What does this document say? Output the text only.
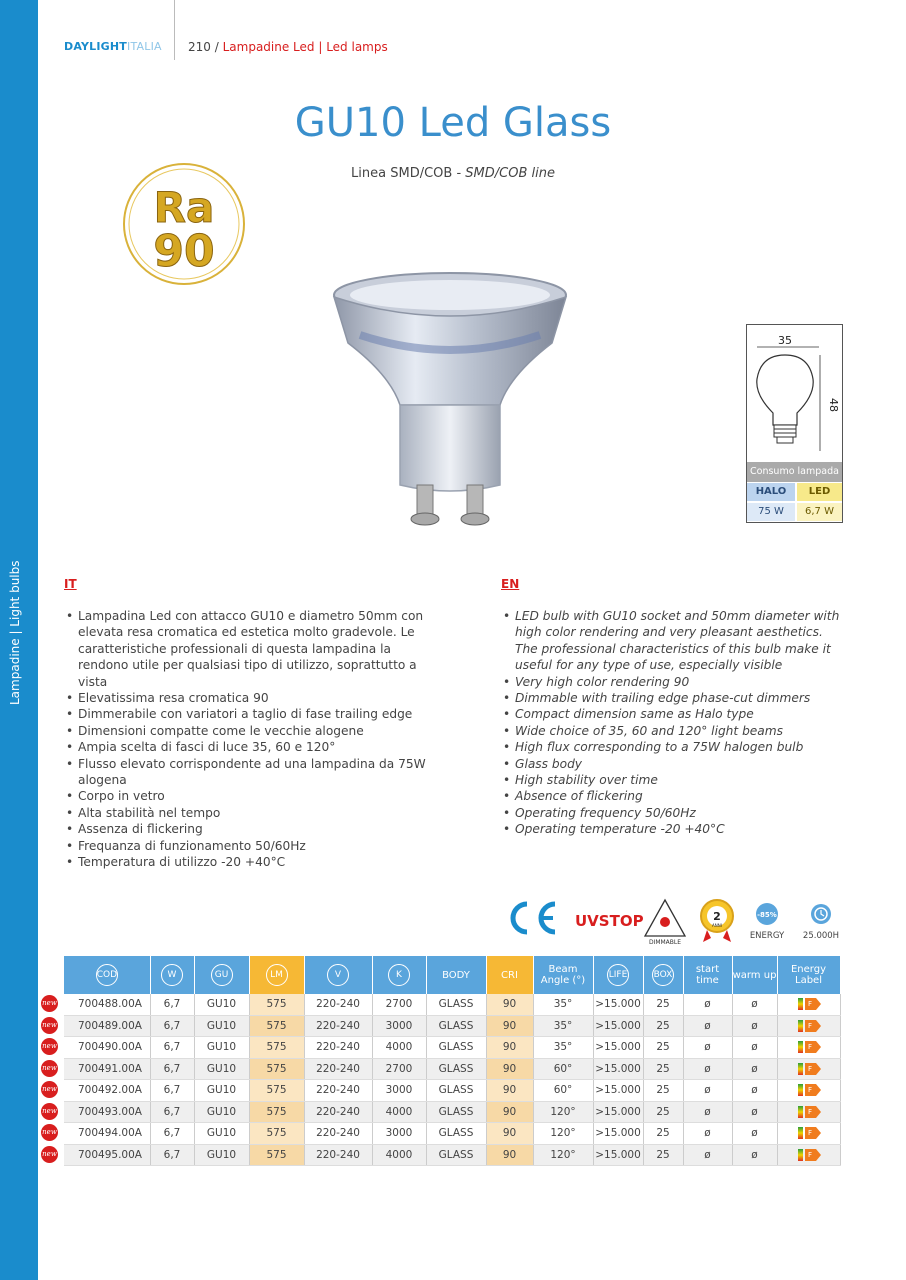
Lampadine | Light bulbs
DAYLIGHTITALIA 210 / Lampadine Led | Led lamps
GU10 Led Glass
Linea SMD/COB - SMD/COB line
Ra
90
35
48
Consumo lampada
HALO	LED
75 W	6,7 W
IT
• Lampadina Led con attacco GU10 e diametro 50mm con elevata resa cromatica ed estetica molto gradevole. Le caratteristiche professionali di questa lampadina la rendono utile per qualsiasi tipo di utilizzo, soprattutto a vista
• Elevatissima resa cromatica 90
• Dimmerabile con variatori a taglio di fase trailing edge
• Dimensioni compatte come le vecchie alogene
• Ampia scelta di fasci di luce 35, 60 e 120°
• Flusso elevato corrispondente ad una lampadina da 75W alogena
• Corpo in vetro
• Alta stabilità nel tempo
• Assenza di flickering
• Frequanza di funzionamento 50/60Hz
• Temperatura di utilizzo -20 +40°C
EN
• LED bulb with GU10 socket and 50mm diameter with high color rendering and very pleasant aesthetics. The professional characteristics of this bulb make it useful for any type of use, especially visible
• Very high color rendering 90
• Dimmable with trailing edge phase-cut dimmers
• Compact dimension same as Halo type
• Wide choice of 35, 60 and 120° light beams
• High flux corresponding to a 75W halogen bulb
• Glass body
• High stability over time
• Absence of flickering
• Operating frequency 50/60Hz
• Operating temperature -20 +40°C
UVSTOP
DIMMABLE
2
ANNI
-85%
ENERGY 25.000H
new
new
new
new
new
new
new
new
COD	W	GU	LM	V	K	BODY	CRI	Beam Angle (°)	LIFE	BOX	start time	warm up	Energy Label
700488.00A	6,7	GU10	575	220-240	2700	GLASS	90	35°	>15.000	25	ø	ø	F

700489.00A	6,7	GU10	575	220-240	3000	GLASS	90	35°	>15.000	25	ø	ø	F

700490.00A	6,7	GU10	575	220-240	4000	GLASS	90	35°	>15.000	25	ø	ø	F

700491.00A	6,7	GU10	575	220-240	2700	GLASS	90	60°	>15.000	25	ø	ø	F

700492.00A	6,7	GU10	575	220-240	3000	GLASS	90	60°	>15.000	25	ø	ø	F

700493.00A	6,7	GU10	575	220-240	4000	GLASS	90	120°	>15.000	25	ø	ø	F

700494.00A	6,7	GU10	575	220-240	3000	GLASS	90	120°	>15.000	25	ø	ø	F

700495.00A	6,7	GU10	575	220-240	4000	GLASS	90	120°	>15.000	25	ø	ø	F
